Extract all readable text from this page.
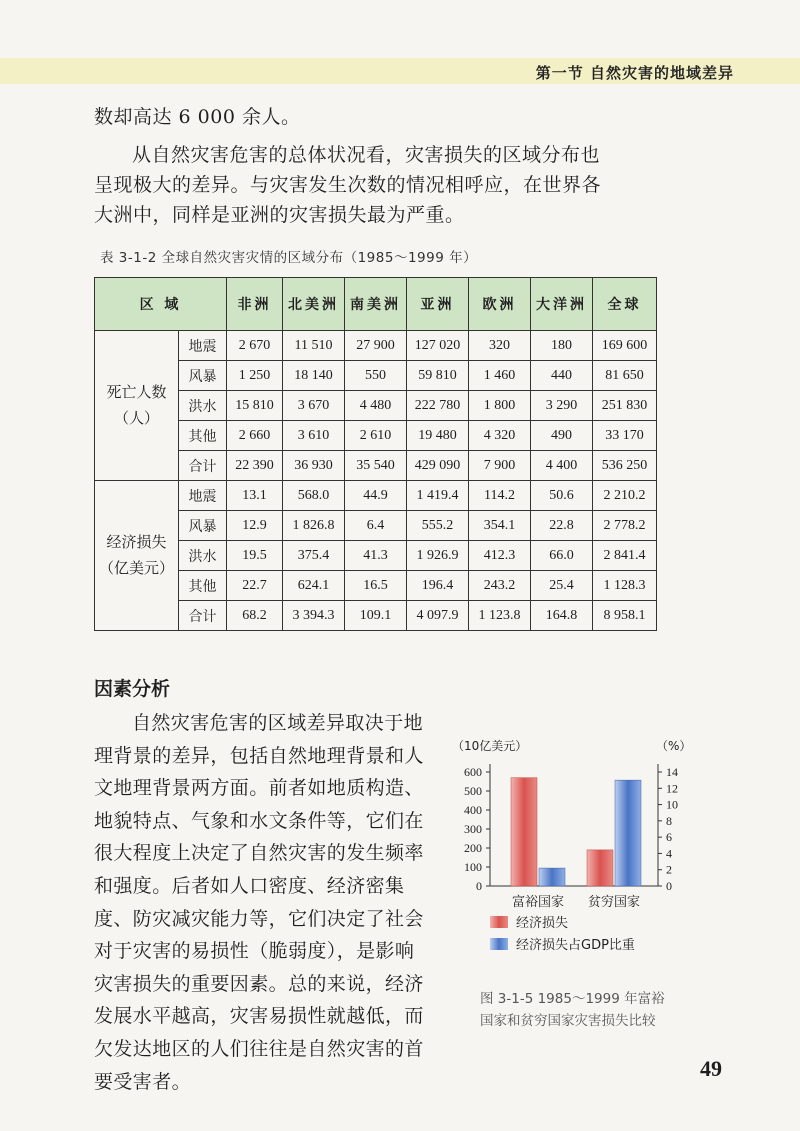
第一节 自然灾害的地域差异

数却高达 6 000 余人。

从自然灾害危害的总体状况看，灾害损失的区域分布也呈现极大的差异。与灾害发生次数的情况相呼应，在世界各大洲中，同样是亚洲的灾害损失最为严重。

表 3-1-2 全球自然灾害灾情的区域分布（1985～1999 年）
区 域		非洲	北美洲	南美洲	亚洲	欧洲	大洋洲	全球

死亡人数
（人）	地震	2 670	11 510	27 900	127 020	320	180	169 600
	风暴	1 250	18 140	550	59 810	1 460	440	81 650
	洪水	15 810	3 670	4 480	222 780	1 800	3 290	251 830
	其他	2 660	3 610	2 610	19 480	4 320	490	33 170
	合计	22 390	36 930	35 540	429 090	7 900	4 400	536 250

经济损失
（亿美元）	地震	13.1	568.0	44.9	1 419.4	114.2	50.6	2 210.2
	风暴	12.9	1 826.8	6.4	555.2	354.1	22.8	2 778.2
	洪水	19.5	375.4	41.3	1 926.9	412.3	66.0	2 841.4
	其他	22.7	624.1	16.5	196.4	243.2	25.4	1 128.3
	合计	68.2	3 394.3	109.1	4 097.9	1 123.8	164.8	8 958.1
因素分析

自然灾害危害的区域差异取决于地理背景的差异，包括自然地理背景和人文地理背景两方面。前者如地质构造、地貌特点、气象和水文条件等，它们在很大程度上决定了自然灾害的发生频率和强度。后者如人口密度、经济密集度、防灾减灾能力等，它们决定了社会对于灾害的易损性（脆弱度），是影响灾害损失的重要因素。总的来说，经济发展水平越高，灾害易损性就越低，而欠发达地区的人们往往是自然灾害的首要受害者。

（10亿美元）	（%）
0
100
200
300
400
500
600
0
2
4
6
8
10
12
14
富裕国家 贫穷国家
经济损失
经济损失占GDP比重
图 3-1-5 1985～1999 年富裕
国家和贫穷国家灾害损失比较
49
